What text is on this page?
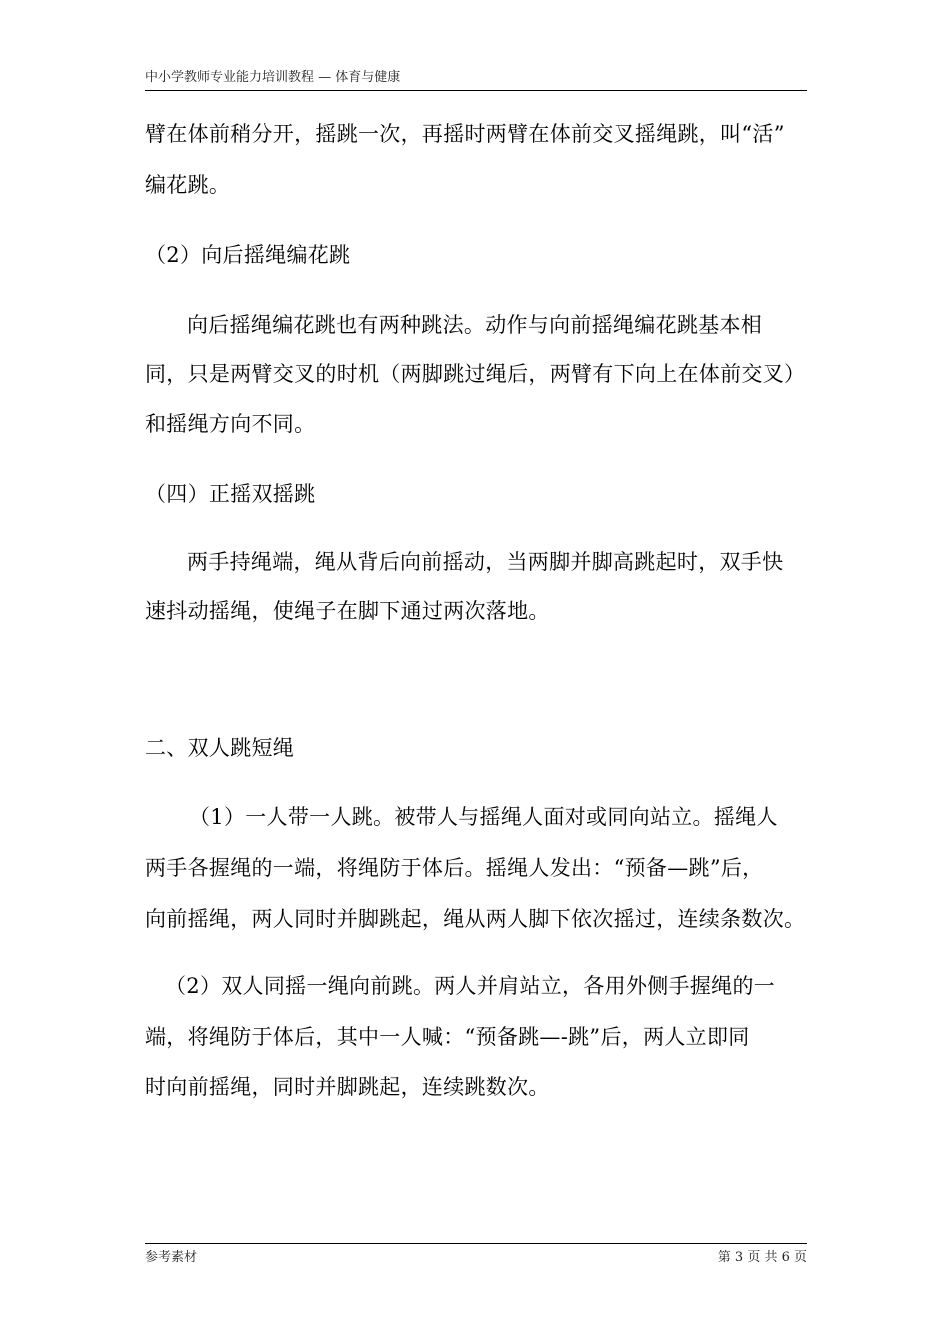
中小学教师专业能力培训教程 — 体育与健康
臂在体前稍分开，摇跳一次，再摇时两臂在体前交叉摇绳跳，叫“活”
编花跳。
（2）向后摇绳编花跳
向后摇绳编花跳也有两种跳法。动作与向前摇绳编花跳基本相
同，只是两臂交叉的时机（两脚跳过绳后，两臂有下向上在体前交叉）
和摇绳方向不同。
（四）正摇双摇跳
两手持绳端，绳从背后向前摇动，当两脚并脚高跳起时，双手快
速抖动摇绳，使绳子在脚下通过两次落地。
二、双人跳短绳
（1）一人带一人跳。被带人与摇绳人面对或同向站立。摇绳人
两手各握绳的一端，将绳防于体后。摇绳人发出：“预备—跳”后，
向前摇绳，两人同时并脚跳起，绳从两人脚下依次摇过，连续条数次。
（2）双人同摇一绳向前跳。两人并肩站立，各用外侧手握绳的一
端，将绳防于体后，其中一人喊：“预备跳—-跳”后，两人立即同
时向前摇绳，同时并脚跳起，连续跳数次。
参考素材	第 3 页 共 6 页
